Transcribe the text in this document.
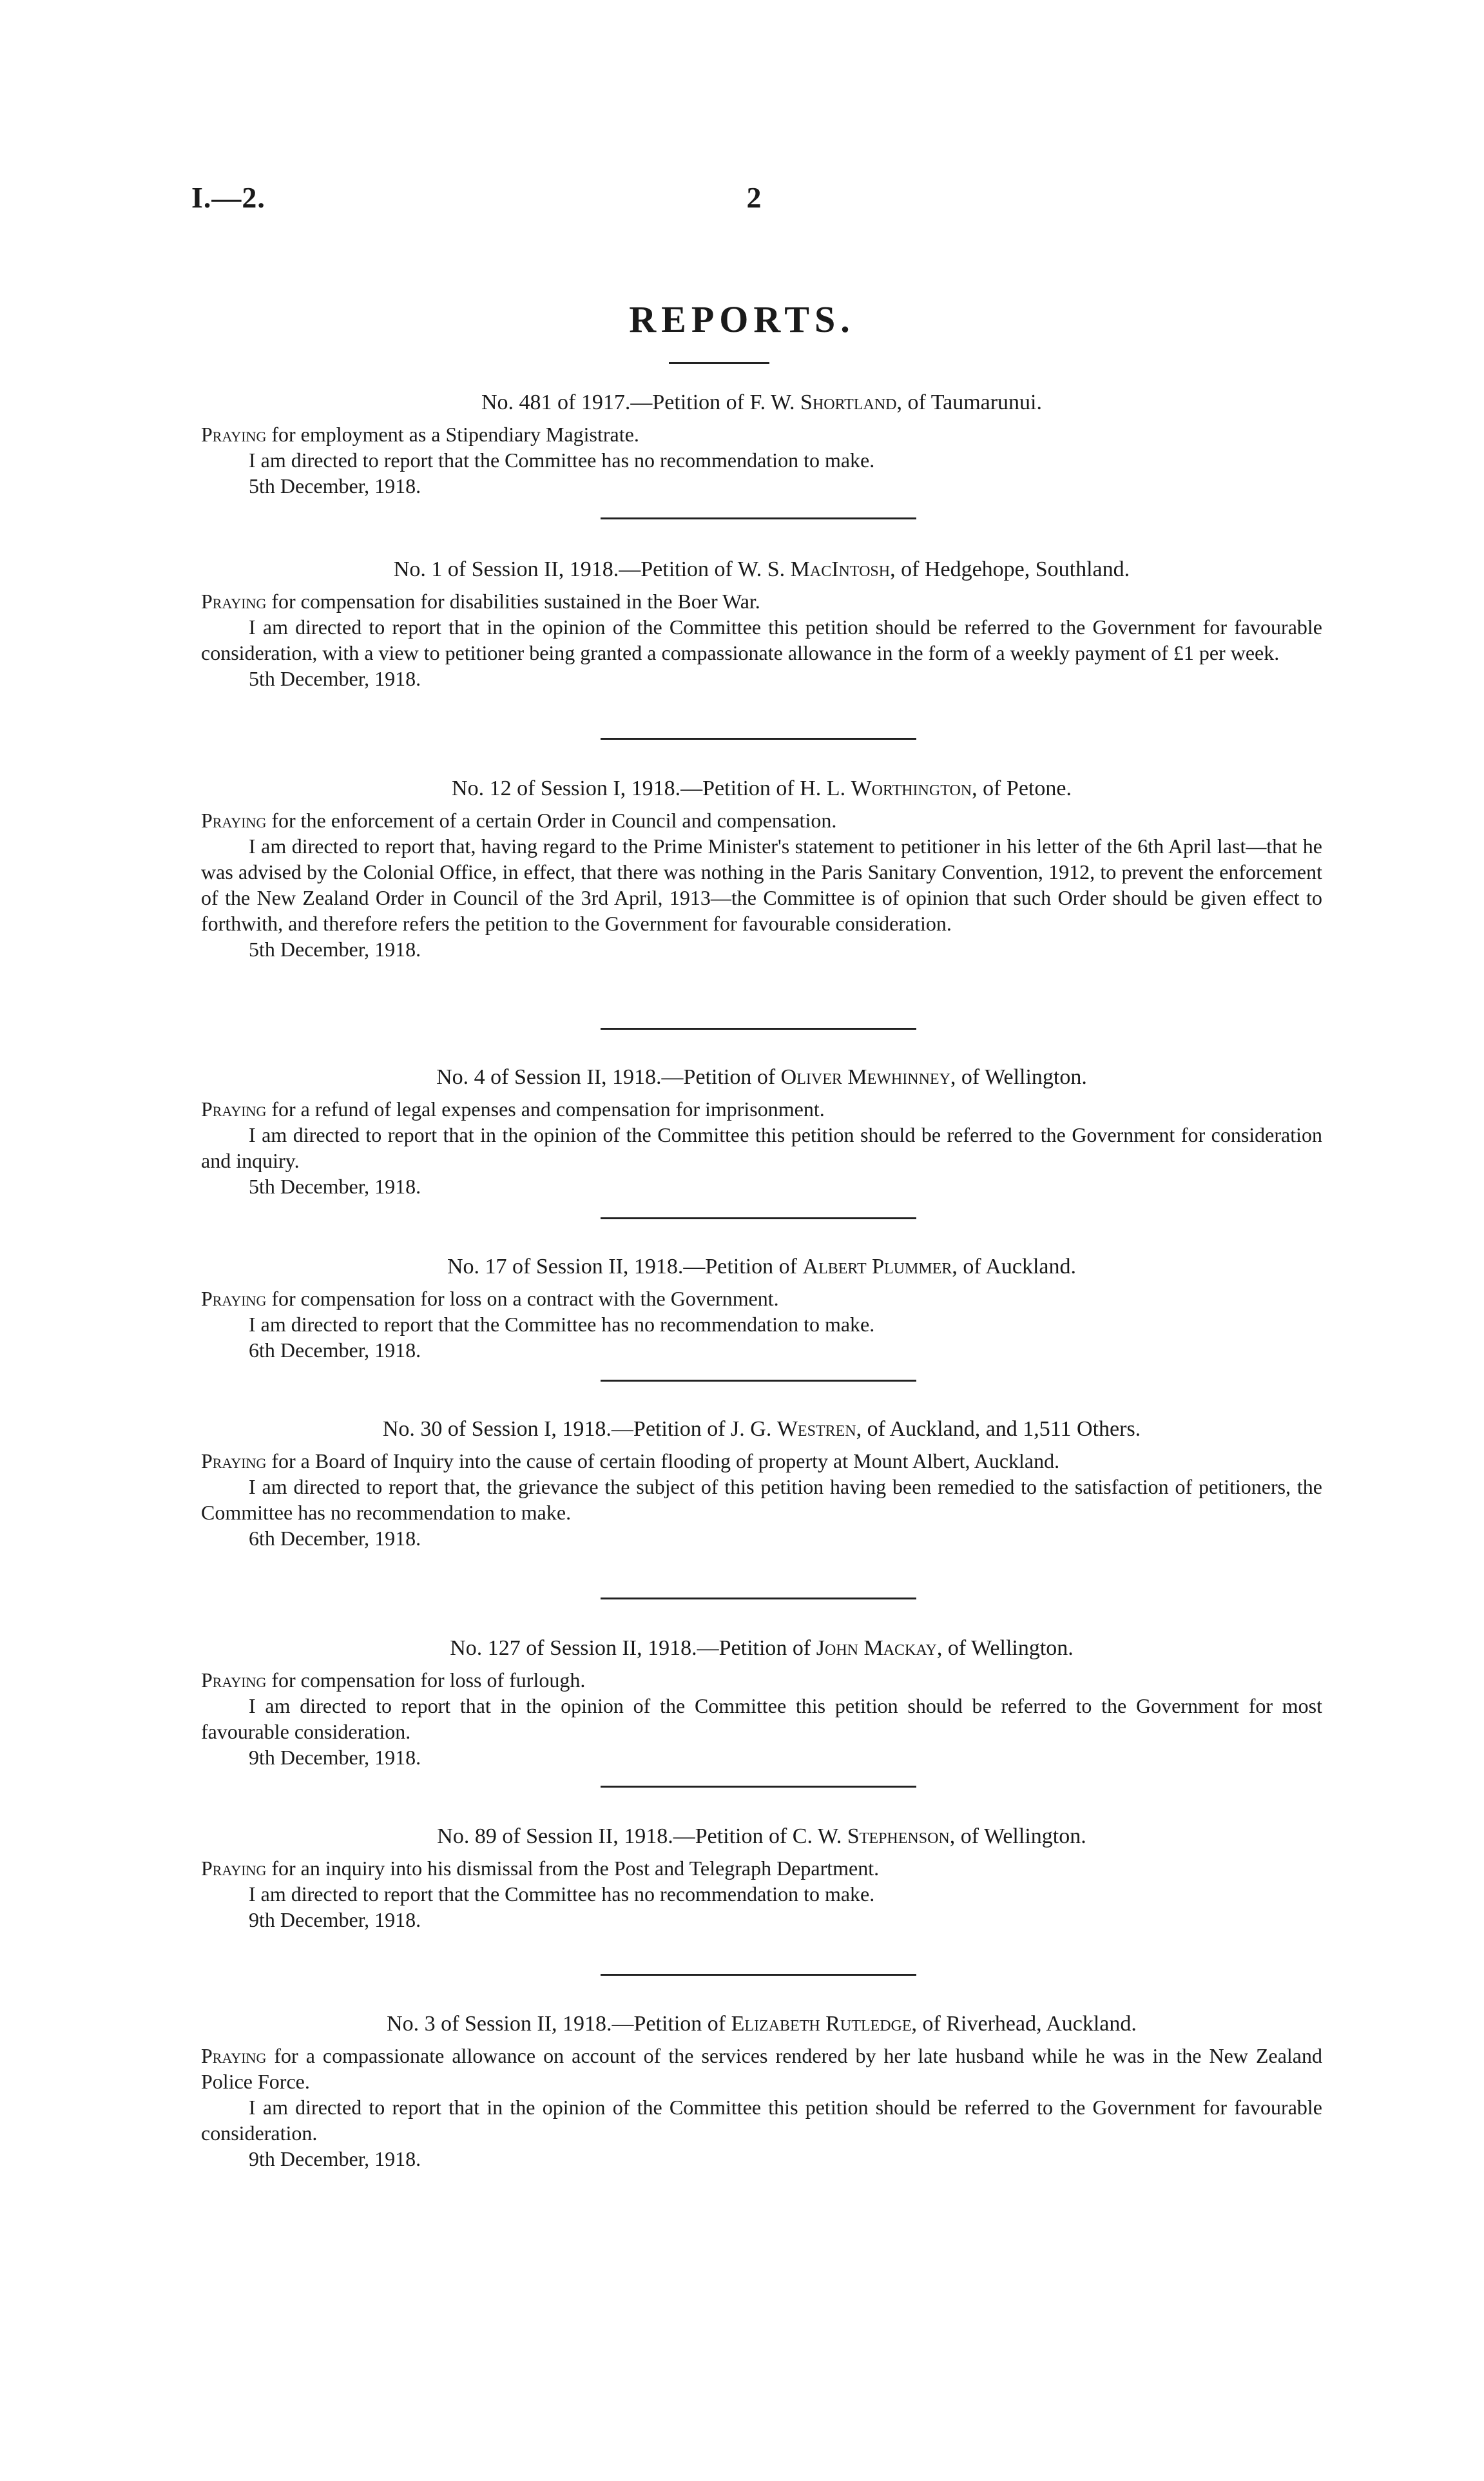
I.—2.	2
REPORTS.

No. 481 of 1917.—Petition of F. W. Shortland, of Taumarunui.

Praying for employment as a Stipendiary Magistrate.

I am directed to report that the Committee has no recommendation to make.

5th December, 1918.

No. 1 of Session II, 1918.—Petition of W. S. MacIntosh, of Hedgehope, Southland.

Praying for compensation for disabilities sustained in the Boer War.

I am directed to report that in the opinion of the Committee this petition should be referred to the Government for favourable consideration, with a view to petitioner being granted a compassionate allowance in the form of a weekly payment of £1 per week.

5th December, 1918.

No. 12 of Session I, 1918.—Petition of H. L. Worthington, of Petone.

Praying for the enforcement of a certain Order in Council and compensation.

I am directed to report that, having regard to the Prime Minister's statement to petitioner in his letter of the 6th April last—that he was advised by the Colonial Office, in effect, that there was nothing in the Paris Sanitary Convention, 1912, to prevent the enforcement of the New Zealand Order in Council of the 3rd April, 1913—the Committee is of opinion that such Order should be given effect to forthwith, and therefore refers the petition to the Government for favourable consideration.

5th December, 1918.

No. 4 of Session II, 1918.—Petition of Oliver Mewhinney, of Wellington.

Praying for a refund of legal expenses and compensation for imprisonment.

I am directed to report that in the opinion of the Committee this petition should be referred to the Government for consideration and inquiry.

5th December, 1918.

No. 17 of Session II, 1918.—Petition of Albert Plummer, of Auckland.

Praying for compensation for loss on a contract with the Government.

I am directed to report that the Committee has no recommendation to make.

6th December, 1918.

No. 30 of Session I, 1918.—Petition of J. G. Westren, of Auckland, and 1,511 Others.

Praying for a Board of Inquiry into the cause of certain flooding of property at Mount Albert, Auckland.

I am directed to report that, the grievance the subject of this petition having been remedied to the satisfaction of petitioners, the Committee has no recommendation to make.

6th December, 1918.

No. 127 of Session II, 1918.—Petition of John Mackay, of Wellington.

Praying for compensation for loss of furlough.

I am directed to report that in the opinion of the Committee this petition should be referred to the Government for most favourable consideration.

9th December, 1918.

No. 89 of Session II, 1918.—Petition of C. W. Stephenson, of Wellington.

Praying for an inquiry into his dismissal from the Post and Telegraph Department.

I am directed to report that the Committee has no recommendation to make.

9th December, 1918.

No. 3 of Session II, 1918.—Petition of Elizabeth Rutledge, of Riverhead, Auckland.

Praying for a compassionate allowance on account of the services rendered by her late husband while he was in the New Zealand Police Force.

I am directed to report that in the opinion of the Committee this petition should be referred to the Government for favourable consideration.

9th December, 1918.
